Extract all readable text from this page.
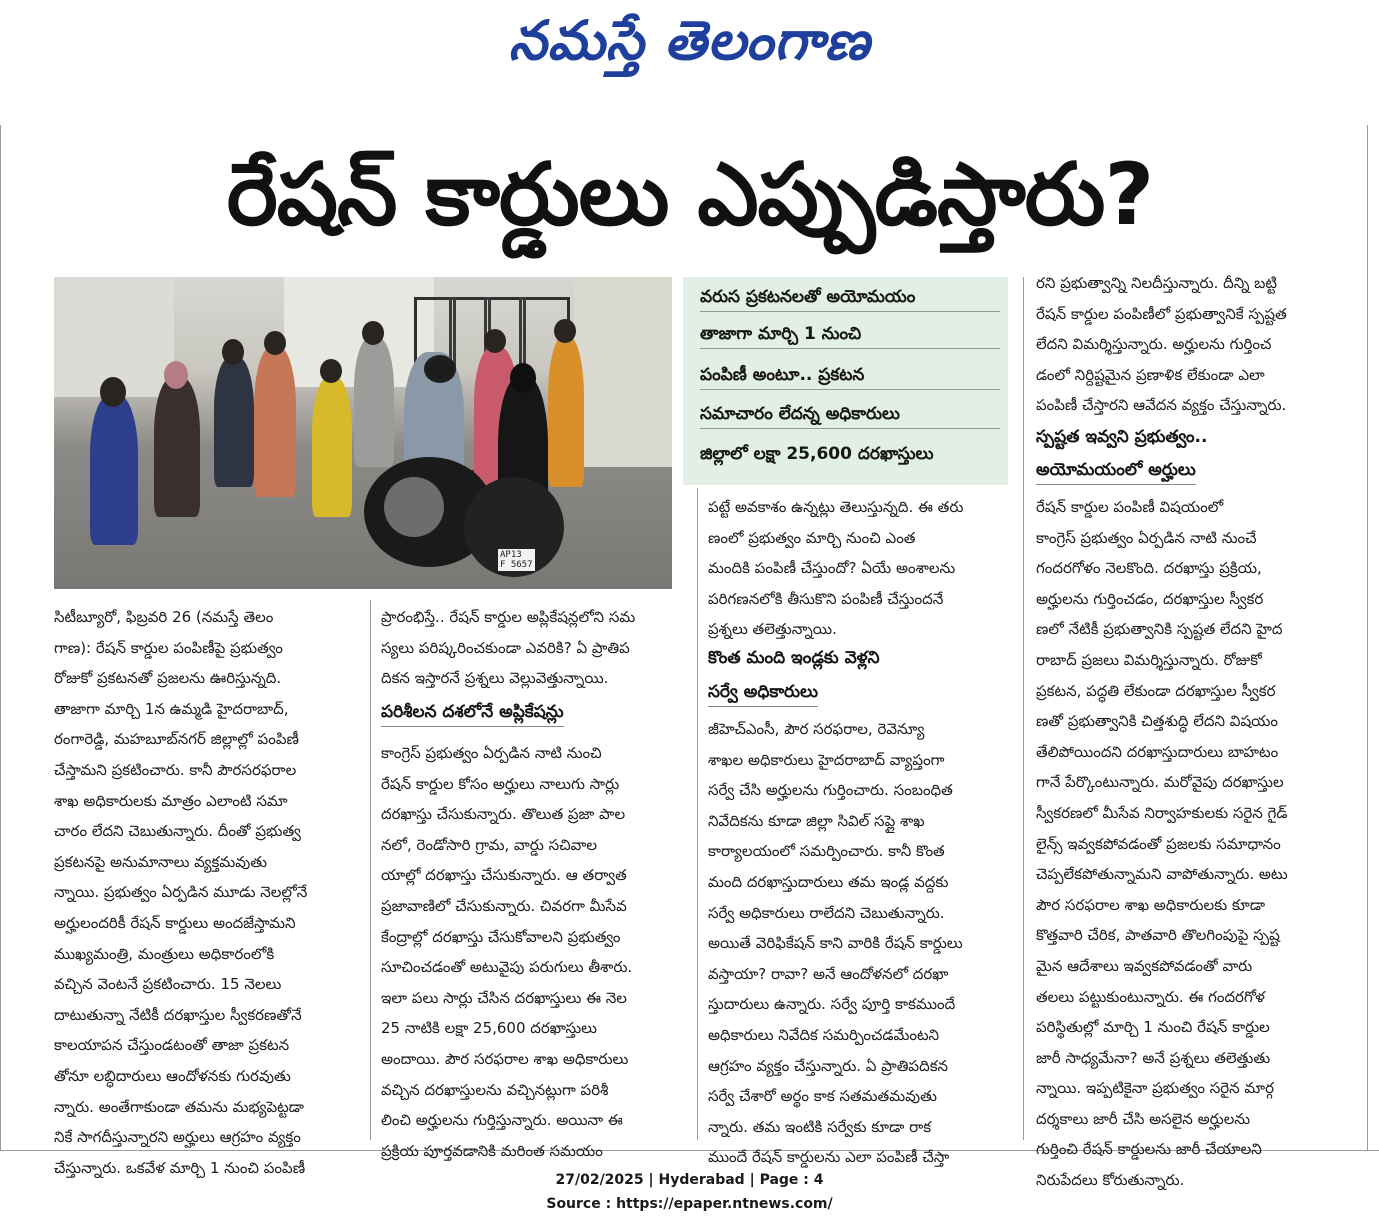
నమస్తే తెలంగాణ
రేషన్ కార్డులు ఎప్పుడిస్తారు?
AP13
F 5657
వరుస ప్రకటనలతో అయోమయం
తాజాగా మార్చి 1 నుంచి
పంపిణీ అంటూ.. ప్రకటన
సమాచారం లేదన్న అధికారులు
జిల్లాలో లక్షా 25,600 దరఖాస్తులు

సిటీబ్యూరో, ఫిబ్రవరి 26 (నమస్తే తెలం

గాణ): రేషన్ కార్డుల పంపిణీపై ప్రభుత్వం

రోజుకో ప్రకటనతో ప్రజలను ఊరిస్తున్నది.

తాజాగా మార్చి 1న ఉమ్మడి హైదరాబాద్,

రంగారెడ్డి, మహబూబ్‌నగర్ జిల్లాల్లో పంపిణీ

చేస్తామని ప్రకటించారు. కానీ పౌరసరఫరాల

శాఖ అధికారులకు మాత్రం ఎలాంటి సమా

చారం లేదని చెబుతున్నారు. దీంతో ప్రభుత్వ

ప్రకటనపై అనుమానాలు వ్యక్తమవుతు

న్నాయి. ప్రభుత్వం ఏర్పడిన మూడు నెలల్లోనే

అర్హులందరికీ రేషన్ కార్డులు అందజేస్తామని

ముఖ్యమంత్రి, మంత్రులు అధికారంలోకి

వచ్చిన వెంటనే ప్రకటించారు. 15 నెలలు

దాటుతున్నా నేటికీ దరఖాస్తుల స్వీకరణతోనే

కాలయాపన చేస్తుండటంతో తాజా ప్రకటన

తోనూ లబ్ధిదారులు ఆందోళనకు గురవుతు

న్నారు. అంతేగాకుండా తమను మభ్యపెట్టడా

నికే సాగదీస్తున్నారని అర్హులు ఆగ్రహం వ్యక్తం

చేస్తున్నారు. ఒకవేళ మార్చి 1 నుంచి పంపిణీ

ప్రారంభిస్తే.. రేషన్ కార్డుల అప్లికేషన్లలోని సమ

స్యలు పరిష్కరించకుండా ఎవరికి? ఏ ప్రాతిప

దికన ఇస్తారనే ప్రశ్నలు వెల్లువెత్తున్నాయి.

పరిశీలన దశలోనే అప్లికేషన్లు

కాంగ్రెస్ ప్రభుత్వం ఏర్పడిన నాటి నుంచి

రేషన్ కార్డుల కోసం అర్హులు నాలుగు సార్లు

దరఖాస్తు చేసుకున్నారు. తొలుత ప్రజా పాల

నలో, రెండోసారి గ్రామ, వార్డు సచివాల

యాల్లో దరఖాస్తు చేసుకున్నారు. ఆ తర్వాత

ప్రజావాణిలో చేసుకున్నారు. చివరగా మీసేవ

కేంద్రాల్లో దరఖాస్తు చేసుకోవాలని ప్రభుత్వం

సూచించడంతో అటువైపు పరుగులు తీశారు.

ఇలా పలు సార్లు చేసిన దరఖాస్తులు ఈ నెల

25 నాటికి లక్షా 25,600 దరఖాస్తులు

అందాయి. పౌర సరఫరాల శాఖ అధికారులు

వచ్చిన దరఖాస్తులను వచ్చినట్లుగా పరిశీ

లించి అర్హులను గుర్తిస్తున్నారు. అయినా ఈ

ప్రక్రియ పూర్తవడానికి మరింత సమయం

పట్టే అవకాశం ఉన్నట్లు తెలుస్తున్నది. ఈ తరు

ణంలో ప్రభుత్వం మార్చి నుంచి ఎంత

మందికి పంపిణీ చేస్తుందో? ఏయే అంశాలను

పరిగణనలోకి తీసుకొని పంపిణీ చేస్తుందనే

ప్రశ్నలు తలెత్తున్నాయి.

కొంత మంది ఇండ్లకు వెళ్లని
సర్వే అధికారులు

జీహెచ్ఎంసీ, పౌర సరఫరాల, రెవెన్యూ

శాఖల అధికారులు హైదరాబాద్ వ్యాప్తంగా

సర్వే చేసి అర్హులను గుర్తించారు. సంబంధిత

నివేదికను కూడా జిల్లా సివిల్ సప్లై శాఖ

కార్యాలయంలో సమర్పించారు. కానీ కొంత

మంది దరఖాస్తుదారులు తమ ఇండ్ల వద్దకు

సర్వే అధికారులు రాలేదని చెబుతున్నారు.

అయితే వెరిఫికేషన్ కాని వారికి రేషన్ కార్డులు

వస్తాయా? రావా? అనే ఆందోళనలో దరఖా

స్తుదారులు ఉన్నారు. సర్వే పూర్తి కాకముందే

అధికారులు నివేదిక సమర్పించడమేంటని

ఆగ్రహం వ్యక్తం చేస్తున్నారు. ఏ ప్రాతిపదికన

సర్వే చేశారో అర్థం కాక సతమతమవుతు

న్నారు. తమ ఇంటికి సర్వేకు కూడా రాక

ముందే రేషన్ కార్డులను ఎలా పంపిణీ చేస్తా

రని ప్రభుత్వాన్ని నిలదీస్తున్నారు. దీన్ని బట్టి

రేషన్ కార్డుల పంపిణీలో ప్రభుత్వానికే స్పష్టత

లేదని విమర్శిస్తున్నారు. అర్హులను గుర్తించ

డంలో నిర్దిష్టమైన ప్రణాళిక లేకుండా ఎలా

పంపిణీ చేస్తారని ఆవేదన వ్యక్తం చేస్తున్నారు.

స్పష్టత ఇవ్వని ప్రభుత్వం..
అయోమయంలో అర్హులు

రేషన్ కార్డుల పంపిణీ విషయంలో

కాంగ్రెస్ ప్రభుత్వం ఏర్పడిన నాటి నుంచే

గందరగోళం నెలకొంది. దరఖాస్తు ప్రక్రియ,

అర్హులను గుర్తించడం, దరఖాస్తుల స్వీకర

ణలో నేటికీ ప్రభుత్వానికి స్పష్టత లేదని హైద

రాబాద్ ప్రజలు విమర్శిస్తున్నారు. రోజుకో

ప్రకటన, పద్ధతి లేకుండా దరఖాస్తుల స్వీకర

ణతో ప్రభుత్వానికి చిత్తశుద్ధి లేదని విషయం

తేలిపోయిందని దరఖాస్తుదారులు బాహటం

గానే పేర్కొంటున్నారు. మరోవైపు దరఖాస్తుల

స్వీకరణలో మీసేవ నిర్వాహకులకు సరైన గైడ్

లైన్స్ ఇవ్వకపోవడంతో ప్రజలకు సమాధానం

చెప్పలేకపోతున్నామని వాపోతున్నారు. అటు

పౌర సరఫరాల శాఖ అధికారులకు కూడా

కొత్తవారి చేరిక, పాతవారి తొలగింపుపై స్పష్ట

మైన ఆదేశాలు ఇవ్వకపోవడంతో వారు

తలలు పట్టుకుంటున్నారు. ఈ గందరగోళ

పరిస్థితుల్లో మార్చి 1 నుంచి రేషన్ కార్డుల

జారీ సాధ్యమేనా? అనే ప్రశ్నలు తలెత్తుతు

న్నాయి. ఇప్పటికైనా ప్రభుత్వం సరైన మార్గ

దర్శకాలు జారీ చేసి అసలైన అర్హులను

గుర్తించి రేషన్ కార్డులను జారీ చేయాలని

నిరుపేదలు కోరుతున్నారు.

27/02/2025 | Hyderabad | Page : 4
Source : https://epaper.ntnews.com/
